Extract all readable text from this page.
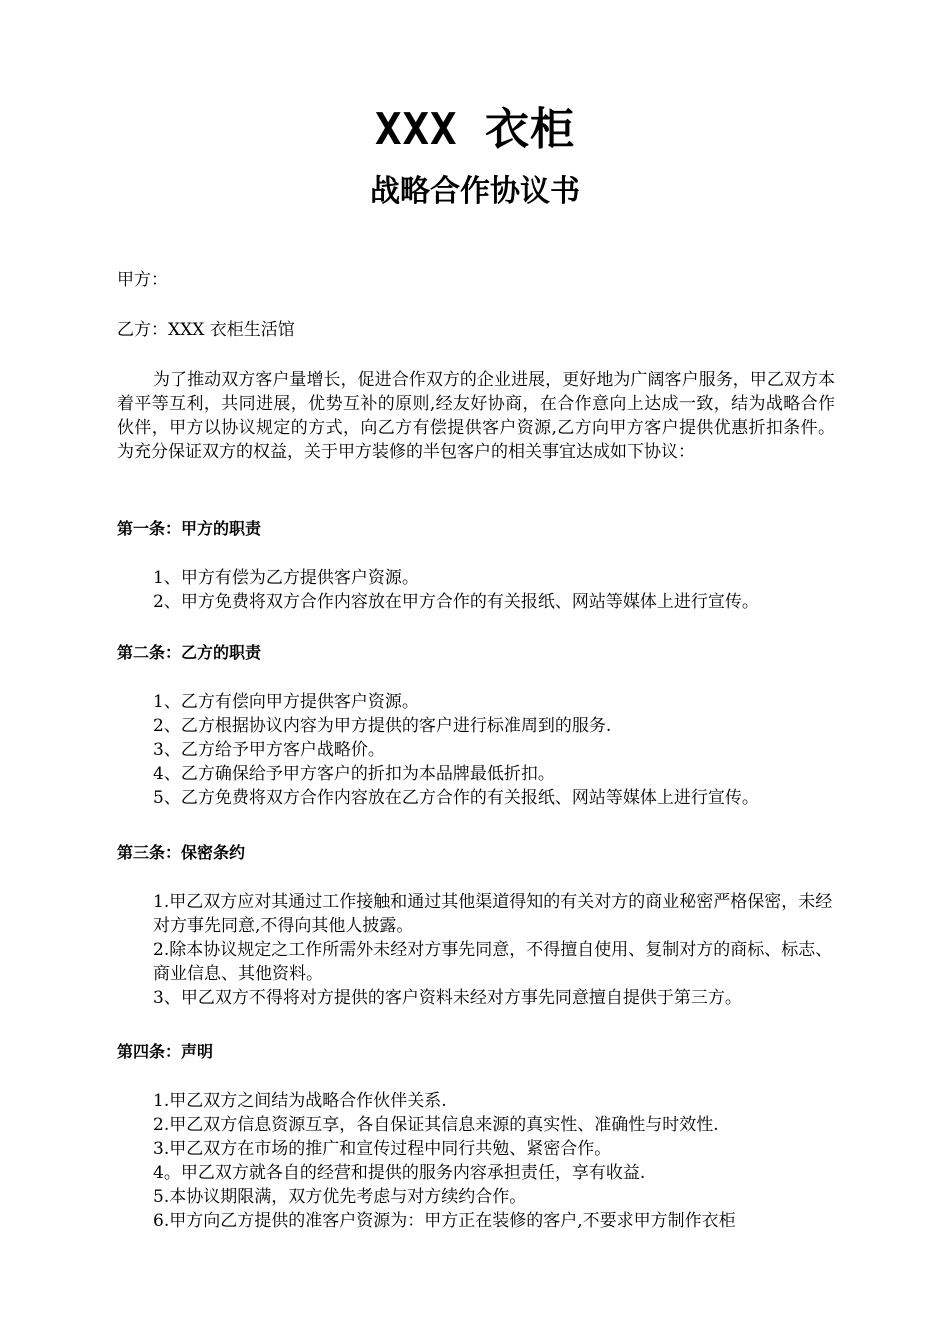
XXX 衣柜
战略合作协议书
甲方：
乙方：XXX 衣柜生活馆
为了推动双方客户量增长，促进合作双方的企业进展，更好地为广阔客户服务，甲乙双方本着平等互利，共同进展，优势互补的原则,经友好协商，在合作意向上达成一致，结为战略合作伙伴，甲方以协议规定的方式，向乙方有偿提供客户资源,乙方向甲方客户提供优惠折扣条件。为充分保证双方的权益，关于甲方装修的半包客户的相关事宜达成如下协议：
第一条：甲方的职责
1、甲方有偿为乙方提供客户资源。
2、甲方免费将双方合作内容放在甲方合作的有关报纸、网站等媒体上进行宣传。
第二条：乙方的职责
1、乙方有偿向甲方提供客户资源。
2、乙方根据协议内容为甲方提供的客户进行标准周到的服务.
3、乙方给予甲方客户战略价。
4、乙方确保给予甲方客户的折扣为本品牌最低折扣。
5、乙方免费将双方合作内容放在乙方合作的有关报纸、网站等媒体上进行宣传。
第三条：保密条约
1.甲乙双方应对其通过工作接触和通过其他渠道得知的有关对方的商业秘密严格保密，未经对方事先同意,不得向其他人披露。
2.除本协议规定之工作所需外未经对方事先同意，不得擅自使用、复制对方的商标、标志、商业信息、其他资料。
3、甲乙双方不得将对方提供的客户资料未经对方事先同意擅自提供于第三方。
第四条：声明
1.甲乙双方之间结为战略合作伙伴关系.
2.甲乙双方信息资源互享，各自保证其信息来源的真实性、准确性与时效性.
3.甲乙双方在市场的推广和宣传过程中同行共勉、紧密合作。
4。甲乙双方就各自的经营和提供的服务内容承担责任，享有收益.
5.本协议期限满，双方优先考虑与对方续约合作。
6.甲方向乙方提供的准客户资源为：甲方正在装修的客户,不要求甲方制作衣柜
